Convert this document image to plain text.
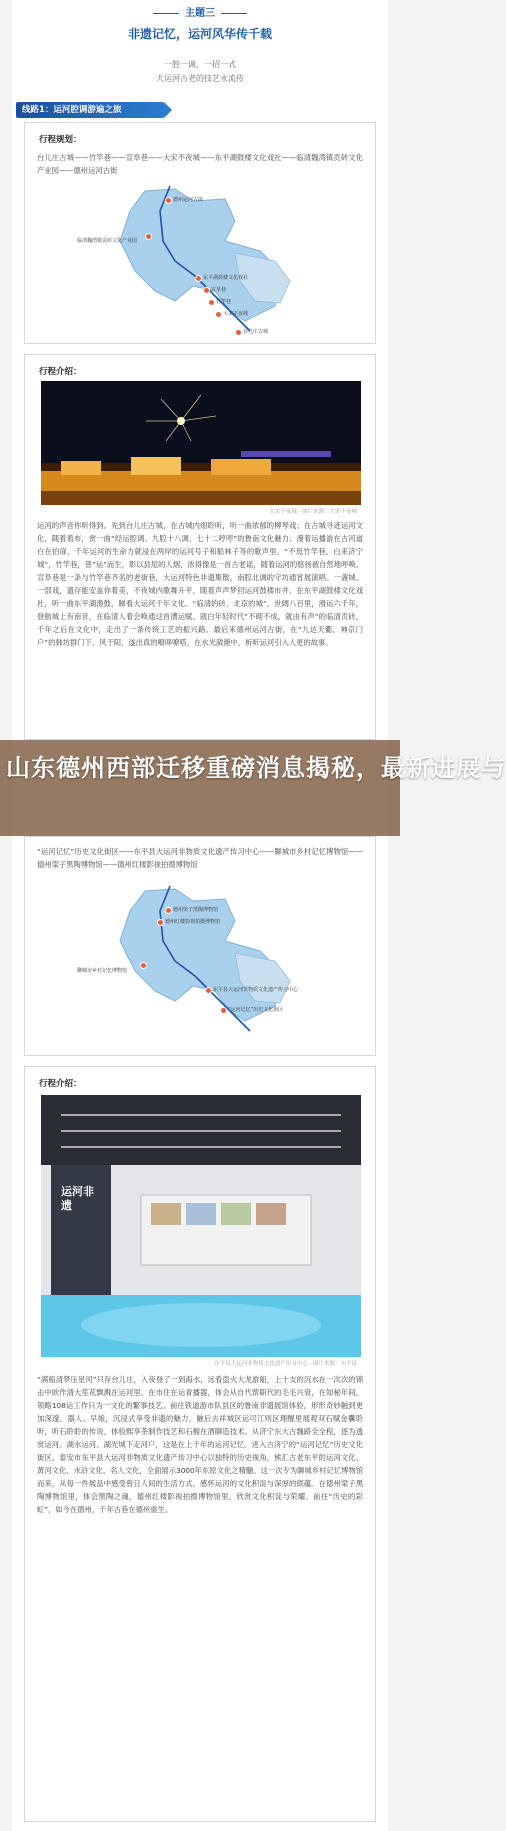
主题三
非遗记忆，运河风华传千载
一腔一调，一招一式
大运河古老的技艺永流传
线路1：运河腔调游遍之旅
行程规划：
台儿庄古城——竹竿巷——宣阜巷——大宋不夜城——东平湖鼓楼文化戏社——临清魏湾镇贡砖文化产业园——德州运河古街
德州运河古街
临清魏湾镇贡砖文化产业园
东平湖鼓楼文化戏社
宣阜巷
竹竿巷
大宋不夜城
台儿庄古城
行程介绍：
大宋不夜城 · 图片来源：大宋不夜城
运河的声音你听得到。先到台儿庄古城，在古城内细聆听，听一曲浓郁的柳琴戏；在古城寻迹运河文化，随着着布，赏一曲“经运腔调、九腔十八调、七十二哼哼”的鲁南文化魅力；漫着运播游在古河道白在伯扉，千年运河的生命力就浸在两岸的运河号子和船林子等的歌声里。“不逛竹竿巷，白来济宁城”，竹竿巷，曾“运”而生，彰以县尾的人烟，浓得像是一首古老谣，随着运河的悠扬被自然地呼唤。宣阜巷是一条与竹竿巷齐名的老街巷，大运河特色非遗集散，南腔北调的守坊通宵展演唱。一盏城、一部戏，遗存能安盖你着美，不夜城内歌舞升平，随着声声梦回运河鼓楼市井。在东平湖鼓楼文化戏社，听一曲东平湖渔鼓，睇看大运河千年文化。“临清的砖，北京的城”，世阔八百里，滑运六千年，登舫城上有南音，在临清人着会唤通这首漕运赋。就白年轻时代“不砌不成，就由有声”的临清贡砖，千年之后在文化中，走出了一条传统工艺的振兴路。最后来德州运河古街，在“九达天衢，神京门户”的韩坊群门下，风于阳，遂出真的嘹哆嘹嗒，在水光潋滟中，析听运河引入人更的故事。
“运河记忆”历史文化街区——东平县大运河非物质文化遗产传习中心——聊城市乡村记忆博物馆——德州梁子黑陶博物馆——德州红楼影视拍摄博物馆
德州梁子黑陶博物馆
德州红楼影视拍摄博物馆
聊城市乡村记忆博物馆
东平县大运河非物质文化遗产传习中心
“运河记忆”历史文化街区
行程介绍：
运河非遗
东平县大运河非物质文化遗产传习中心 · 图片来源：东平县
“满船清梦压星河”只存台儿庄，入夜登了一到海水，远看盗火大龙游船，上十支的沉水在一次次的锦击中欧作清大笙花飘溅在运河里。在市住在运青播器，体会从自代帮职代的毛毛兴衰，在知秘年间，领略108运工作只为一文化的繁事技艺。前往铁道游市队县区的鲁南非遗展馆体验，形形奇妙触到更加深邃，器人、早娘，沉浸式享受非遗的魅力，触后去祥城区运可江则区理醒里展观双石赋金囊聆听，听石聆聆的传说，体验熙享茶制作技艺和石榴在酒聊造技术。从济宁东大古魏路全全程，逐为透赏运河、湖水运河、湖光城下走河户，这是在上千年的运河记忆。进入古济宁的“运河记忆”历史文化街区，泰安市东平县大运河非物质文化遗产传习中心以独特的历史视角，熊汇古老东平的运河文化、黄河文化、水浒文化、名人文化，全面展示3000年东原文化之精髓。这一次专为聊城乡村记忆博物馆而来，从每一件展品中感受曾日人间的生活方式，感怀运河的文化积淀与深厚的底蕴。在德州梁子黑陶博物馆里，体会黑陶之魂，德州红楼影视拍摄博物馆里，欣赏文化积淀与荣耀。前往“历史的彩虹”，如今在德州，千年古巷在德州重生。
山东德州西部迁移重磅消息揭秘，最新进展与
